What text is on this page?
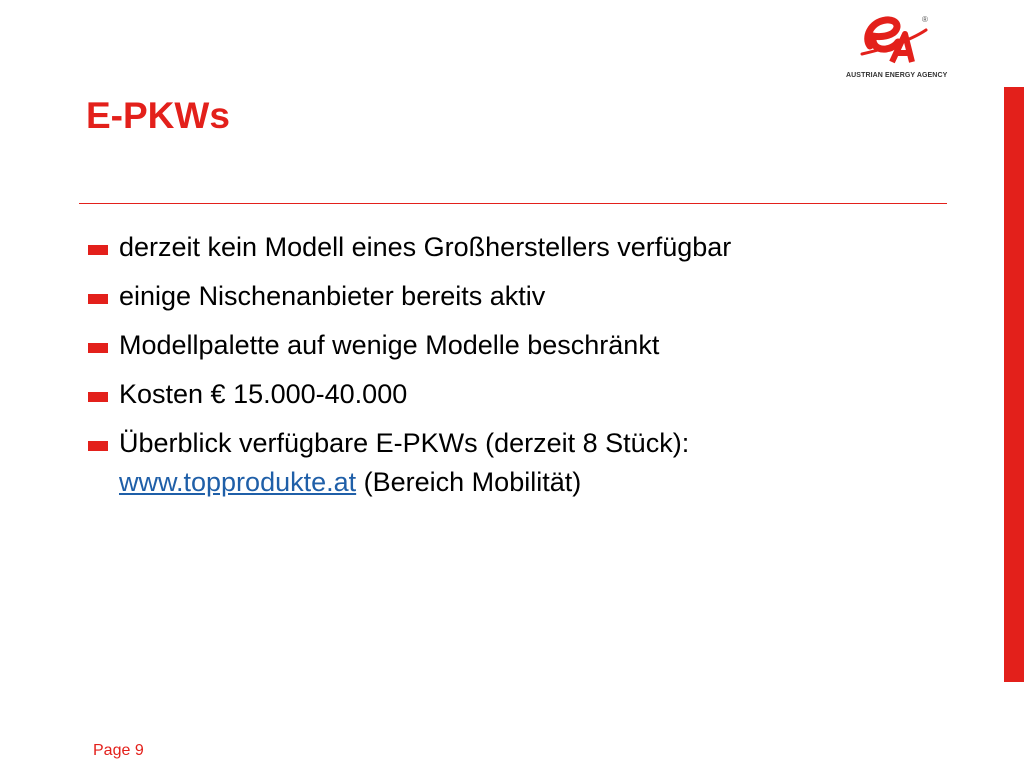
®
AUSTRIAN ENERGY AGENCY
E-PKWs
derzeit kein Modell eines Großherstellers verfügbar
einige Nischenanbieter bereits aktiv
Modellpalette auf wenige Modelle beschränkt
Kosten € 15.000-40.000
Überblick verfügbare E-PKWs (derzeit 8 Stück):
www.topprodukte.at (Bereich Mobilität)
Page 9
